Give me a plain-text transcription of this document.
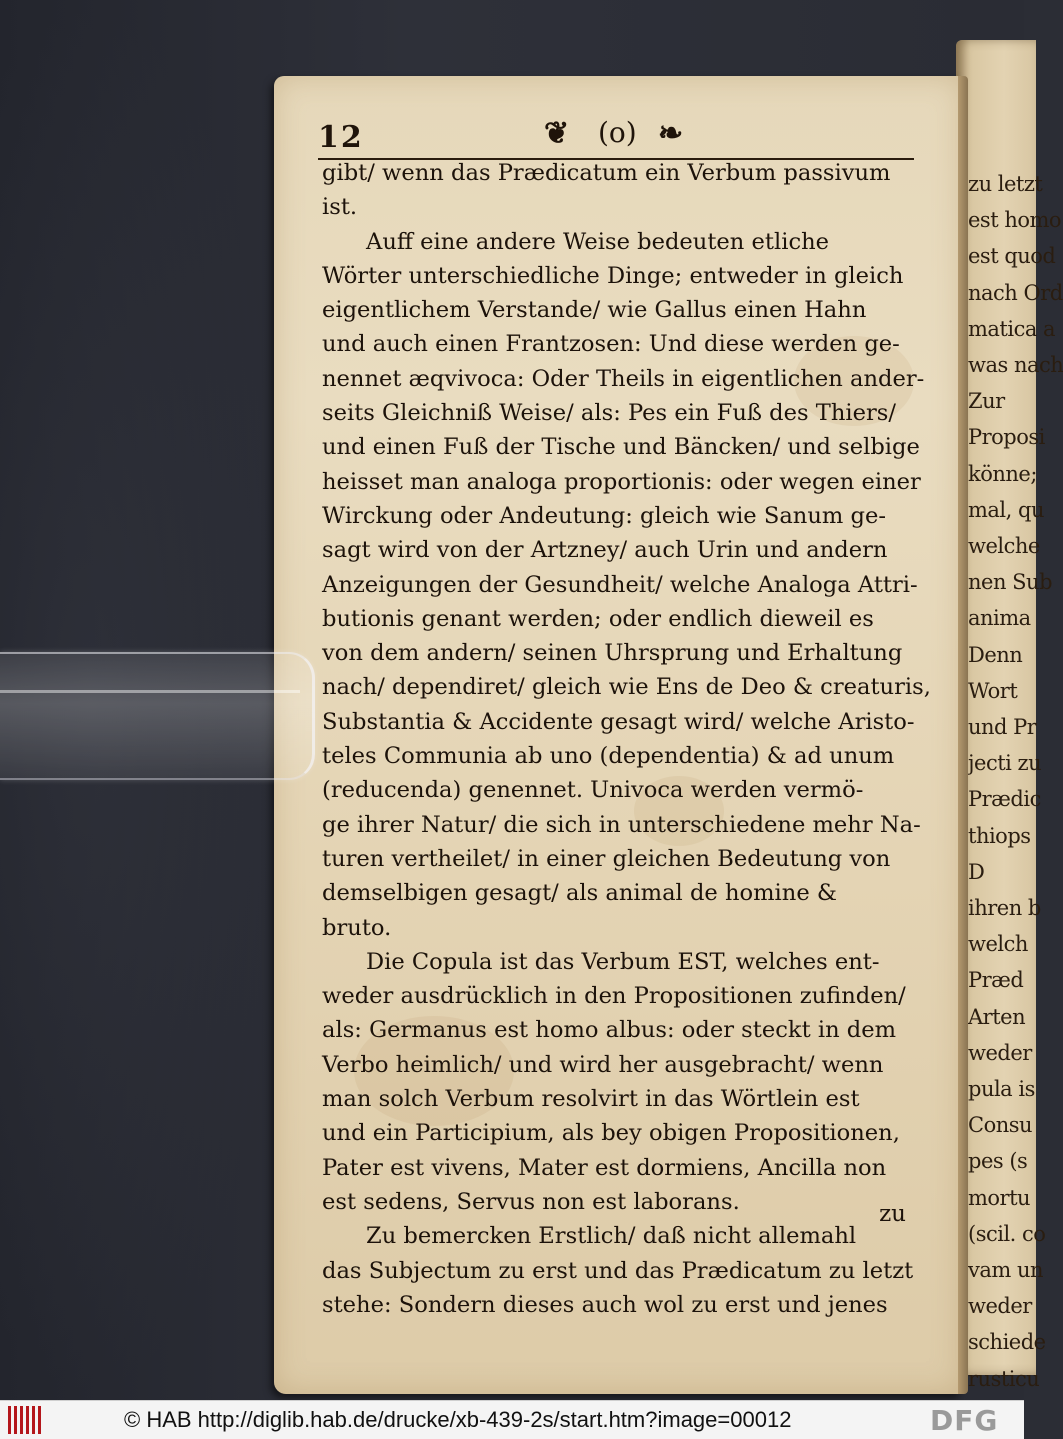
zu letzt
est homo
est quod
nach Ord
matica a
was nach
Zur
Proposi
könne;
mal, qu
welche
nen Sub
anima
Denn
Wort
und Pr
jecti zu
Prædic
thiops
D
ihren b
welch
Præd
Arten
weder
pula is
Consu
pes (s
mortu
(scil. co
vam un
weder
schiede
rusticu
12	❦ (o) ❧
gibt/ wenn das Prædicatum ein Verbum passivum
ist.
Auff eine andere Weise bedeuten etliche
Wörter unterschiedliche Dinge; entweder in gleich
eigentlichem Verstande/ wie Gallus einen Hahn
und auch einen Frantzosen: Und diese werden ge-
nennet æqvivoca: Oder Theils in eigentlichen ander-
seits Gleichniß Weise/ als: Pes ein Fuß des Thiers/
und einen Fuß der Tische und Bäncken/ und selbige
heisset man analoga proportionis: oder wegen einer
Wirckung oder Andeutung: gleich wie Sanum ge-
sagt wird von der Artzney/ auch Urin und andern
Anzeigungen der Gesundheit/ welche Analoga Attri-
butionis genant werden; oder endlich dieweil es
von dem andern/ seinen Uhrsprung und Erhaltung
nach/ dependiret/ gleich wie Ens de Deo & creaturis,
Substantia & Accidente gesagt wird/ welche Aristo-
teles Communia ab uno (dependentia) & ad unum
(reducenda) genennet. Univoca werden vermö-
ge ihrer Natur/ die sich in unterschiedene mehr Na-
turen vertheilet/ in einer gleichen Bedeutung von
demselbigen gesagt/ als animal de homine &
bruto.
Die Copula ist das Verbum EST, welches ent-
weder ausdrücklich in den Propositionen zufinden/
als: Germanus est homo albus: oder steckt in dem
Verbo heimlich/ und wird her ausgebracht/ wenn
man solch Verbum resolvirt in das Wörtlein est
und ein Participium, als bey obigen Propositionen,
Pater est vivens, Mater est dormiens, Ancilla non
est sedens, Servus non est laborans.
Zu bemercken Erstlich/ daß nicht allemahl
das Subjectum zu erst und das Prædicatum zu letzt
stehe: Sondern dieses auch wol zu erst und jenes
zu
© HAB http://diglib.hab.de/drucke/xb-439-2s/start.htm?image=00012	DFG
